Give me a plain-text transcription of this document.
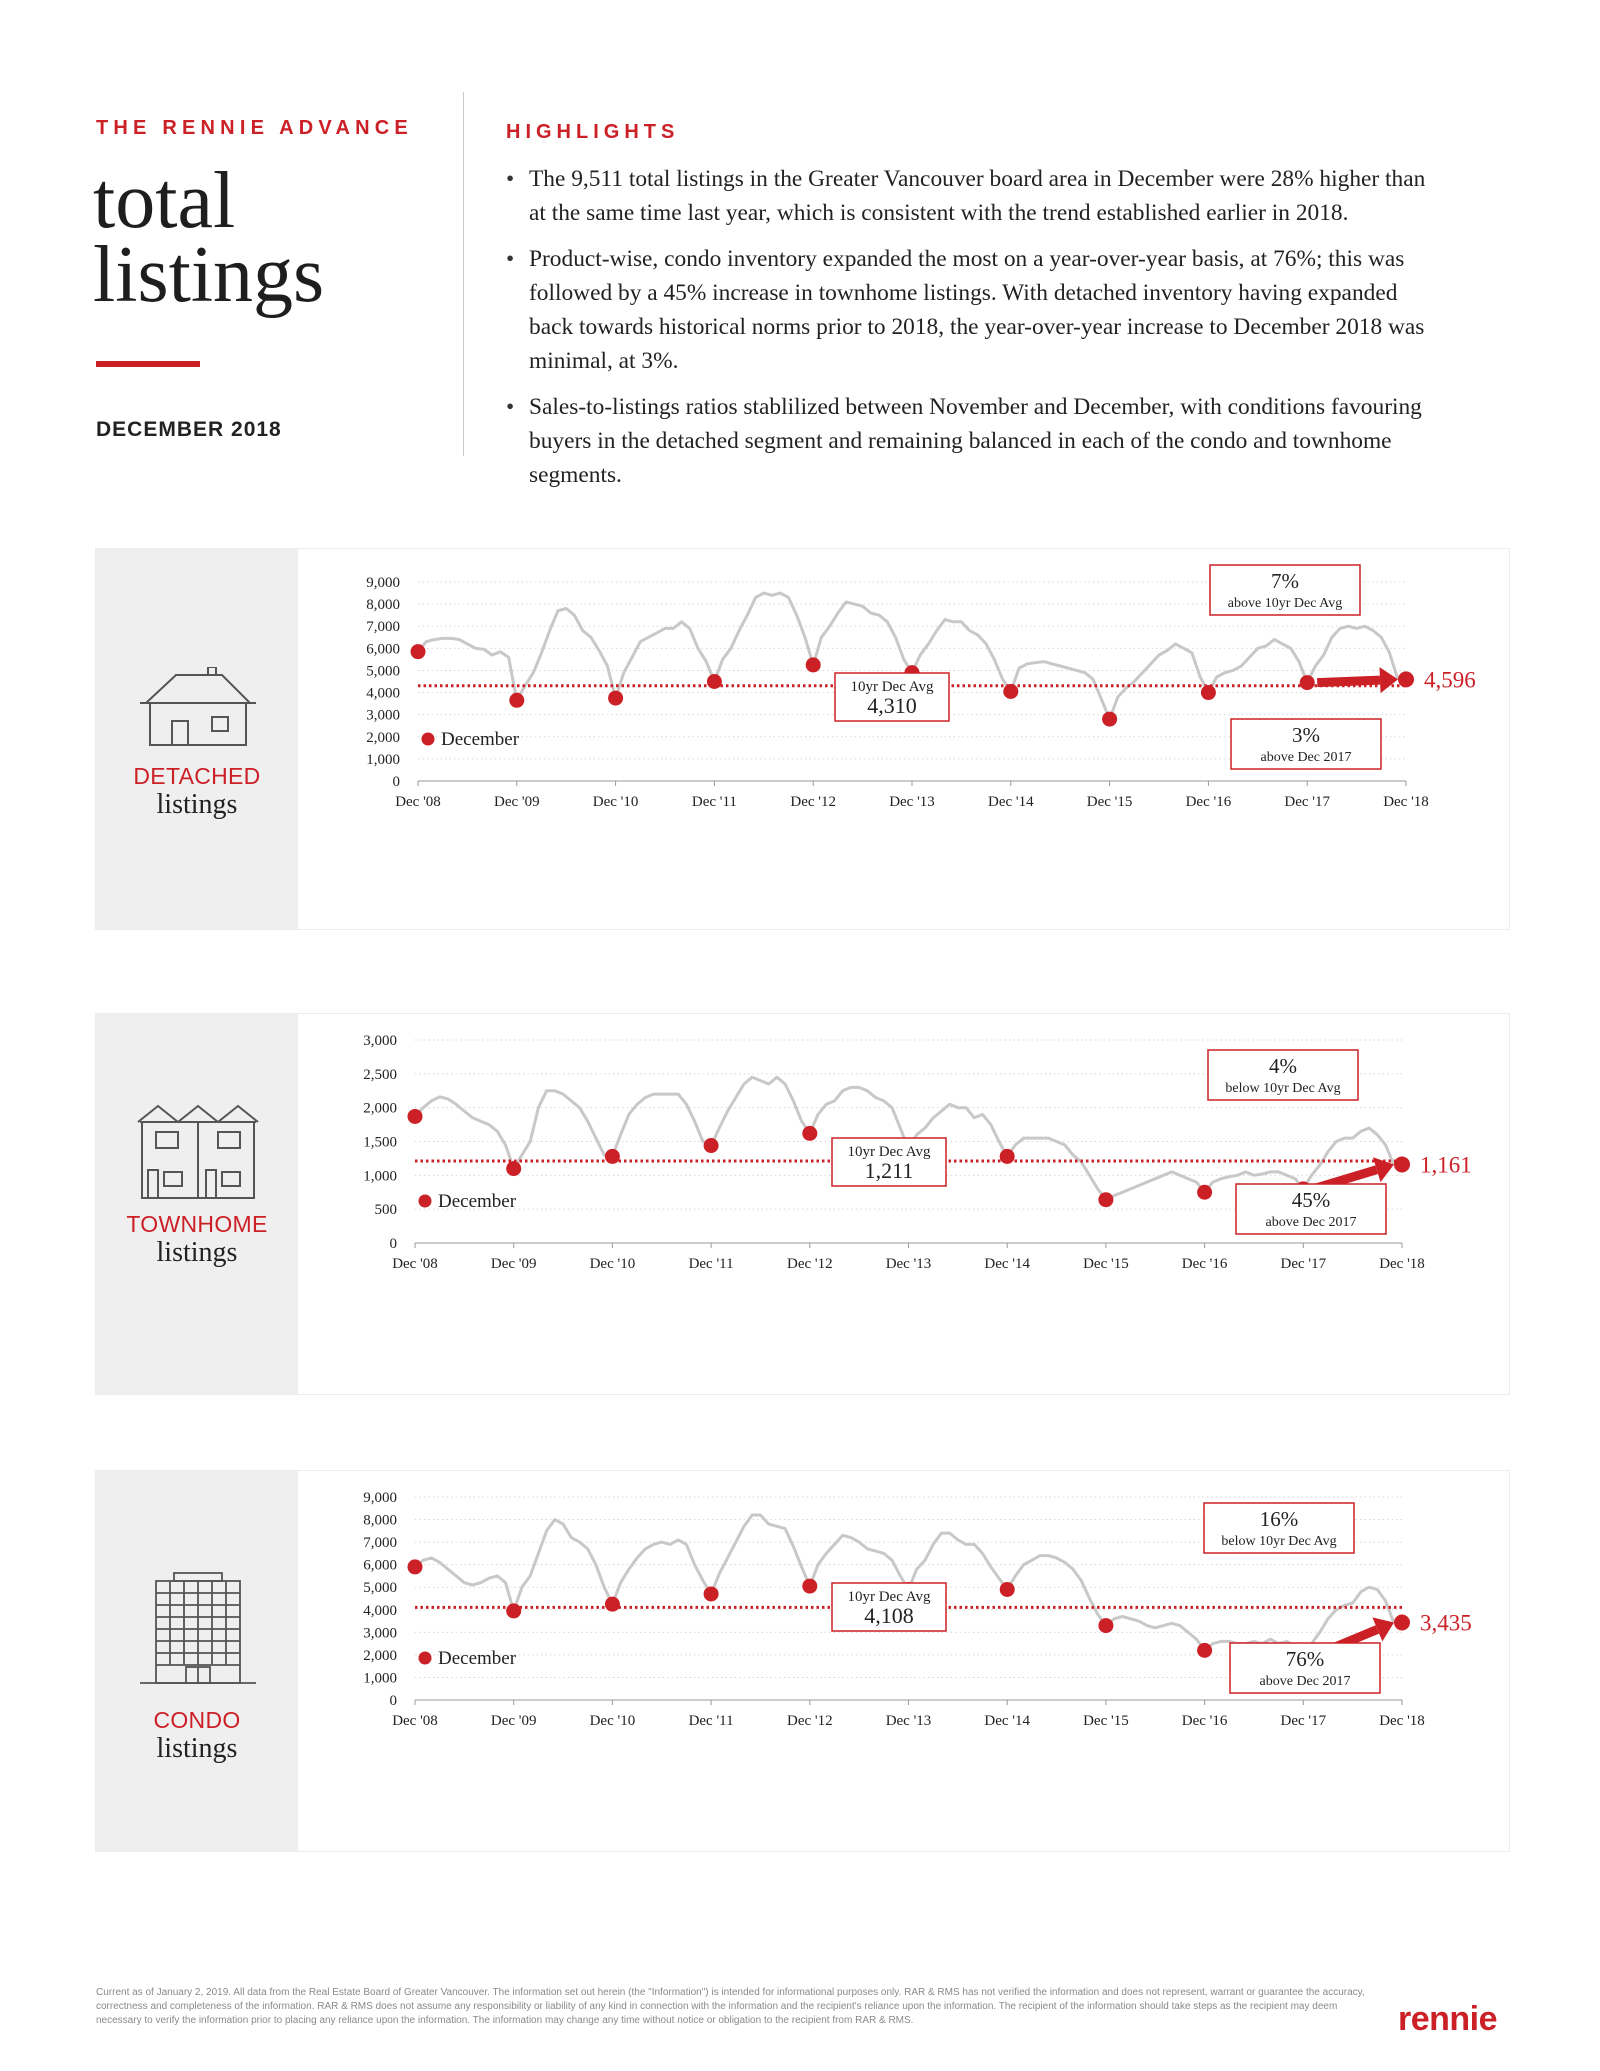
THE RENNIE ADVANCE
total
listings
DECEMBER 2018
HIGHLIGHTS
• The 9,511 total listings in the Greater Vancouver board area in December were 28% higher than at the same time last year, which is consistent with the trend established earlier in 2018.
• Product-wise, condo inventory expanded the most on a year-over-year basis, at 76%; this was followed by a 45% increase in townhome listings. With detached inventory having expanded back towards historical norms prior to 2018, the year-over-year increase to December 2018 was minimal, at 3%.
• Sales-to-listings ratios stablilized between November and December, with conditions favouring buyers in the detached segment and remaining balanced in each of the condo and townhome segments.
DETACHED
listings
0
1,000
2,000
3,000
4,000
5,000
6,000
7,000
8,000
9,000
Dec '08	Dec '09	Dec '10	Dec '11	Dec '12	Dec '13	Dec '14	Dec '15	Dec '16	Dec '17	Dec '18
4,596
10yr Dec Avg
4,310
7%
above 10yr Dec Avg
3%
above Dec 2017
December
TOWNHOME
listings	0
500
1,000
1,500
2,000
2,500
3,000
Dec '08	Dec '09	Dec '10	Dec '11	Dec '12	Dec '13	Dec '14	Dec '15	Dec '16	Dec '17	Dec '18
1,161
10yr Dec Avg
1,211
4%
below 10yr Dec Avg
45%
above Dec 2017
December
CONDO
listings
0
1,000
2,000
3,000
4,000
5,000
6,000
7,000
8,000
9,000
Dec '08	Dec '09	Dec '10	Dec '11	Dec '12	Dec '13	Dec '14	Dec '15	Dec '16	Dec '17	Dec '18
3,435
10yr Dec Avg
4,108
16%
below 10yr Dec Avg
76%
above Dec 2017
December
Current as of January 2, 2019. All data from the Real Estate Board of Greater Vancouver. The information set out herein (the "Information") is intended for informational purposes only. RAR & RMS has not verified the information and does not represent, warrant or guarantee the accuracy, correctness and completeness of the information. RAR & RMS does not assume any responsibility or liability of any kind in connection with the information and the recipient's reliance upon the information. The recipient of the information should take steps as the recipient may deem necessary to verify the information prior to placing any reliance upon the information. The information may change any time without notice or obligation to the recipient from RAR & RMS.	rennie
